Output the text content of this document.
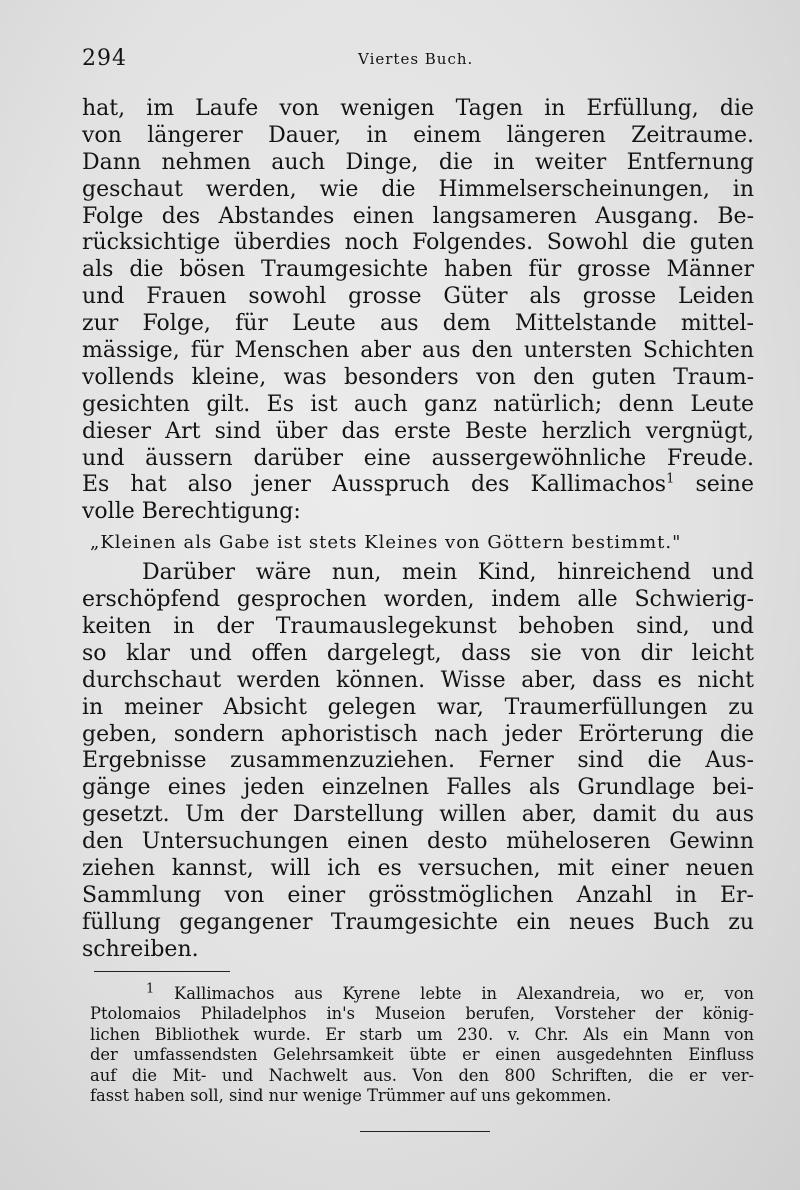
294	Viertes Buch.
hat, im Laufe von wenigen Tagen in Erfüllung, die
von längerer Dauer, in einem längeren Zeitraume.
Dann nehmen auch Dinge, die in weiter Entfernung
geschaut werden, wie die Himmelserscheinungen, in
Folge des Abstandes einen langsameren Ausgang. Be-
rücksichtige überdies noch Folgendes. Sowohl die guten
als die bösen Traumgesichte haben für grosse Männer
und Frauen sowohl grosse Güter als grosse Leiden
zur Folge, für Leute aus dem Mittelstande mittel-
mässige, für Menschen aber aus den untersten Schichten
vollends kleine, was besonders von den guten Traum-
gesichten gilt. Es ist auch ganz natürlich; denn Leute
dieser Art sind über das erste Beste herzlich vergnügt,
und äussern darüber eine aussergewöhnliche Freude.
Es hat also jener Ausspruch des Kallimachos$^1$ seine
volle Berechtigung:
„Kleinen als Gabe ist stets Kleines von Göttern bestimmt."
Darüber wäre nun, mein Kind, hinreichend und
erschöpfend gesprochen worden, indem alle Schwierig-
keiten in der Traumauslegekunst behoben sind, und
so klar und offen dargelegt, dass sie von dir leicht
durchschaut werden können. Wisse aber, dass es nicht
in meiner Absicht gelegen war, Traumerfüllungen zu
geben, sondern aphoristisch nach jeder Erörterung die
Ergebnisse zusammenzuziehen. Ferner sind die Aus-
gänge eines jeden einzelnen Falles als Grundlage bei-
gesetzt. Um der Darstellung willen aber, damit du aus
den Untersuchungen einen desto müheloseren Gewinn
ziehen kannst, will ich es versuchen, mit einer neuen
Sammlung von einer grösstmöglichen Anzahl in Er-
füllung gegangener Traumgesichte ein neues Buch zu
schreiben.
$^1$ Kallimachos aus Kyrene lebte in Alexandreia, wo er, von
Ptolomaios Philadelphos in's Museion berufen, Vorsteher der könig-
lichen Bibliothek wurde. Er starb um 230. v. Chr. Als ein Mann von
der umfassendsten Gelehrsamkeit übte er einen ausgedehnten Einfluss
auf die Mit- und Nachwelt aus. Von den 800 Schriften, die er ver-
fasst haben soll, sind nur wenige Trümmer auf uns gekommen.
